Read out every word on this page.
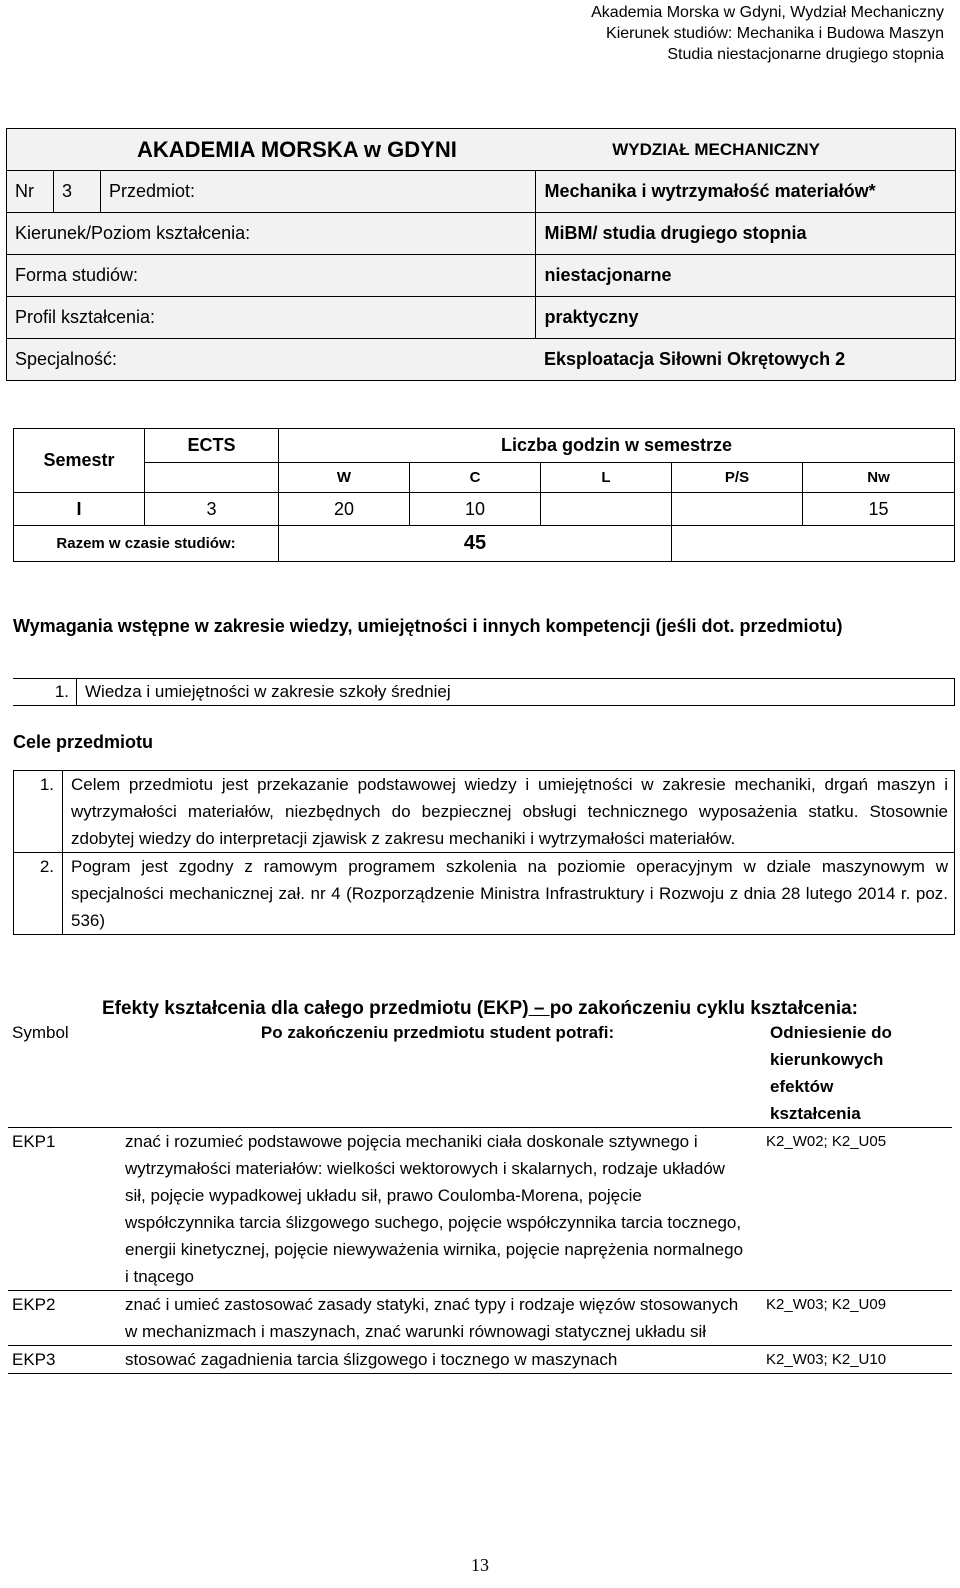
Akademia Morska w Gdyni, Wydział Mechaniczny
Kierunek studiów: Mechanika i Budowa Maszyn
Studia niestacjonarne drugiego stopnia
AKADEMIA MORSKA w GDYNI			WYDZIAŁ MECHANICZNY
Nr	3	Przedmiot:	Mechanika i wytrzymałość materiałów*
Kierunek/Poziom kształcenia:			MiBM/ studia drugiego stopnia
Forma studiów:			niestacjonarne
Profil kształcenia:			praktyczny
Specjalność:			Eksploatacja Siłowni Okrętowych 2
Semestr	ECTS	Liczba godzin w semestrze				
		W	C	L	P/S	Nw
I	3	20	10			15
Razem w czasie studiów:		45				
Wymagania wstępne w zakresie wiedzy, umiejętności i innych kompetencji (jeśli dot. przedmiotu)
1.	Wiedza i umiejętności w zakresie szkoły średniej
Cele przedmiotu
1.	Celem przedmiotu jest przekazanie podstawowej wiedzy i umiejętności w zakresie mechaniki, drgań maszyn i wytrzymałości materiałów, niezbędnych do bezpiecznej obsługi technicznego wyposażenia statku. Stosownie zdobytej wiedzy do interpretacji zjawisk z zakresu mechaniki i wytrzymałości materiałów.
2.	Pogram jest zgodny z ramowym programem szkolenia na poziomie operacyjnym w dziale maszynowym w specjalności mechanicznej zał. nr 4 (Rozporządzenie Ministra Infrastruktury i Rozwoju z dnia 28 lutego 2014 r. poz. 536)
Efekty kształcenia dla całego przedmiotu (EKP) – po zakończeniu cyklu kształcenia:
Symbol	Po zakończeniu przedmiotu student potrafi:	Odniesienie do kierunkowych efektów kształcenia
EKP1	znać i rozumieć podstawowe pojęcia mechaniki ciała doskonale sztywnego i wytrzymałości materiałów: wielkości wektorowych i skalarnych, rodzaje układów sił, pojęcie wypadkowej układu sił, prawo Coulomba-Morena, pojęcie współczynnika tarcia ślizgowego suchego, pojęcie współczynnika tarcia tocznego, energii kinetycznej, pojęcie niewyważenia wirnika, pojęcie naprężenia normalnego i tnącego	K2_W02; K2_U05
EKP2	znać i umieć zastosować zasady statyki, znać typy i rodzaje więzów stosowanych w mechanizmach i maszynach, znać warunki równowagi statycznej układu sił	K2_W03; K2_U09
EKP3	stosować zagadnienia tarcia ślizgowego i tocznego w maszynach	K2_W03; K2_U10
13
